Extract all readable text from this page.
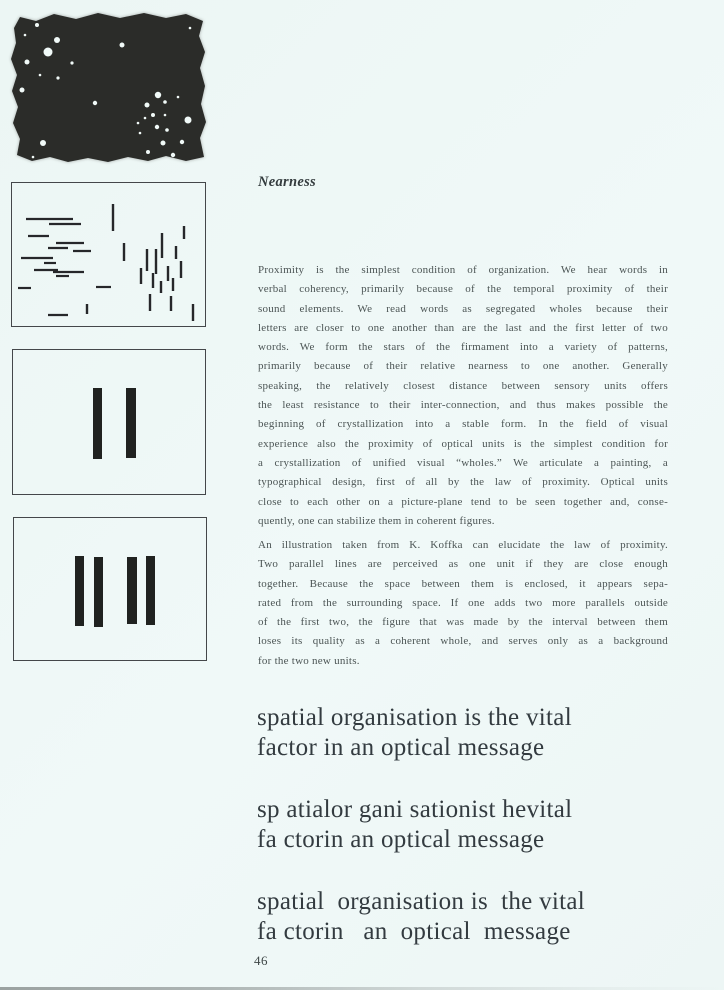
Nearness
Proximity is the simplest condition of organization. We hear words in
verbal coherency, primarily because of the temporal proximity of their
sound elements. We read words as segregated wholes because their
letters are closer to one another than are the last and the first letter of two
words. We form the stars of the firmament into a variety of patterns,
primarily because of their relative nearness to one another. Generally
speaking, the relatively closest distance between sensory units offers
the least resistance to their inter-connection, and thus makes possible the
beginning of crystallization into a stable form. In the field of visual
experience also the proximity of optical units is the simplest condition for
a crystallization of unified visual “wholes.” We articulate a painting, a
typographical design, first of all by the law of proximity. Optical units
close to each other on a picture-plane tend to be seen together and, conse-
quently, one can stabilize them in coherent figures.
An illustration taken from K. Koffka can elucidate the law of proximity.
Two parallel lines are perceived as one unit if they are close enough
together. Because the space between them is enclosed, it appears sepa-
rated from the surrounding space. If one adds two more parallels outside
of the first two, the figure that was made by the interval between them
loses its quality as a coherent whole, and serves only as a background
for the two new units.
spatial organisation is the vital
factor in an optical message
sp atialor gani sationist hevital
fa ctorin an optical message
spatial  organisation is  the vital
fa ctorin   an  optical  message
46
